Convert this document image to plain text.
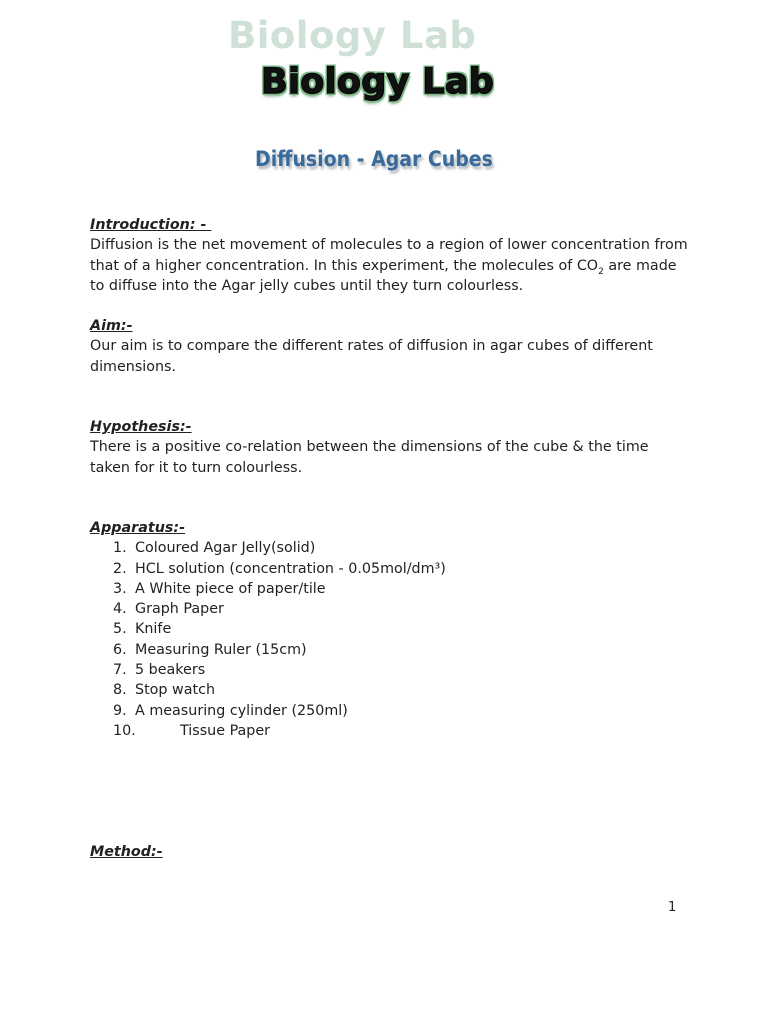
Biology Lab
Biology Lab
Diffusion - Agar Cubes

Introduction: -

Diffusion is the net movement of molecules to a region of lower concentration from that of a higher concentration. In this experiment, the molecules of $CO_2$ are made to diffuse into the Agar jelly cubes until they turn colourless.

Aim:-

Our aim is to compare the different rates of diffusion in agar cubes of different dimensions.

Hypothesis:-

There is a positive co-relation between the dimensions of the cube & the time taken for it to turn colourless.

Apparatus:-

1. Coloured Agar Jelly(solid)
2. HCL solution (concentration - 0.05mol/dm³)
3. A White piece of paper/tile
4. Graph Paper
5. Knife
6. Measuring Ruler (15cm)
7. 5 beakers
8. Stop watch
9. A measuring cylinder (250ml)
10.	Tissue Paper

Method:-

1
